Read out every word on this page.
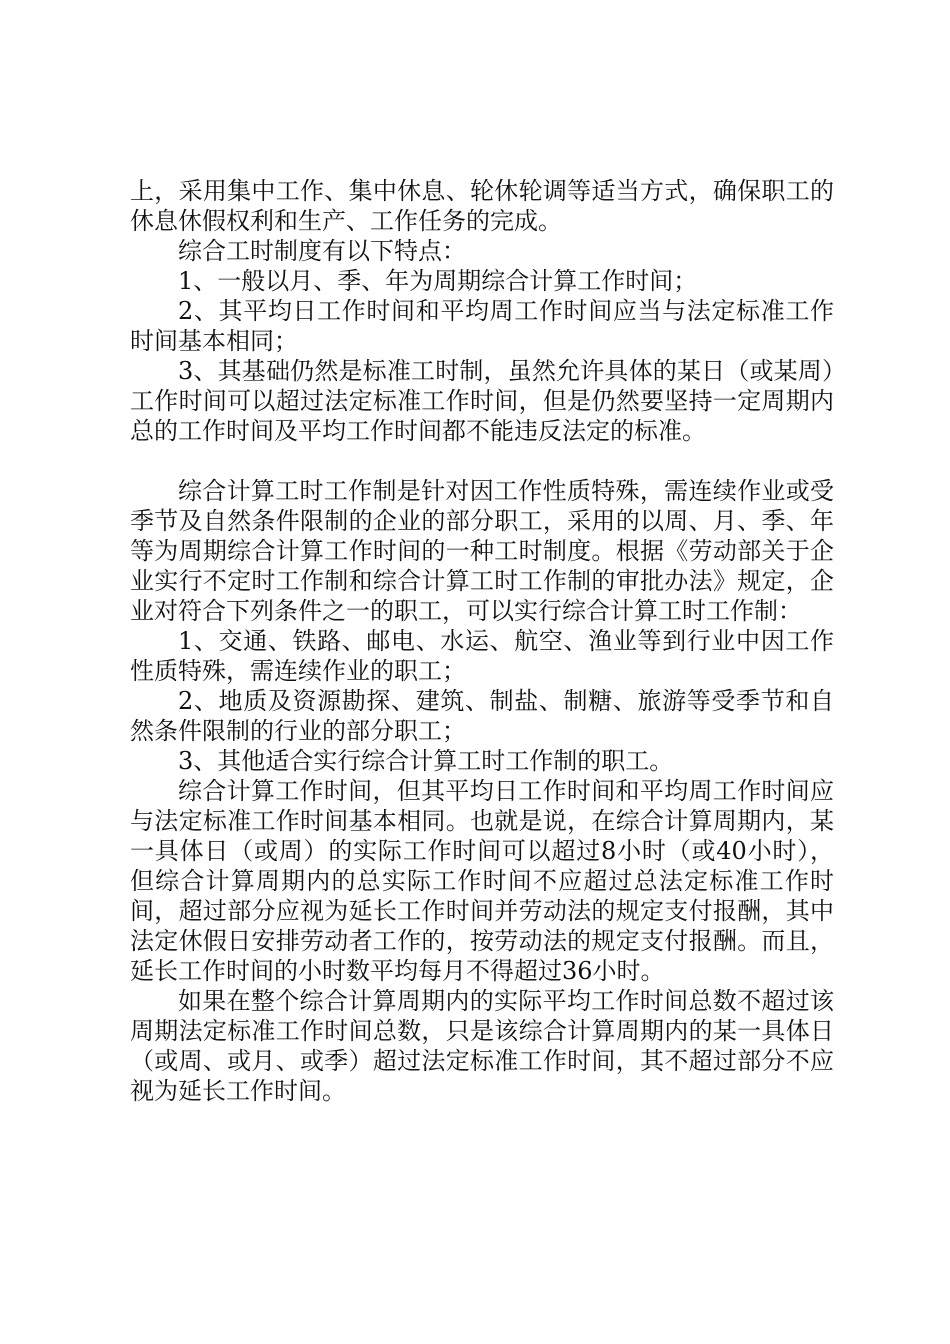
上，采用集中工作、集中休息、轮休轮调等适当方式，确保职工的休息休假权利和生产、工作任务的完成。

综合工时制度有以下特点：

1、一般以月、季、年为周期综合计算工作时间；

2、其平均日工作时间和平均周工作时间应当与法定标准工作时间基本相同；

3、其基础仍然是标准工时制，虽然允许具体的某日（或某周）工作时间可以超过法定标准工作时间，但是仍然要坚持一定周期内总的工作时间及平均工作时间都不能违反法定的标准。

综合计算工时工作制是针对因工作性质特殊，需连续作业或受季节及自然条件限制的企业的部分职工，采用的以周、月、季、年等为周期综合计算工作时间的一种工时制度。根据《劳动部关于企业实行不定时工作制和综合计算工时工作制的审批办法》规定，企业对符合下列条件之一的职工，可以实行综合计算工时工作制：

1、交通、铁路、邮电、水运、航空、渔业等到行业中因工作性质特殊，需连续作业的职工；

2、地质及资源勘探、建筑、制盐、制糖、旅游等受季节和自然条件限制的行业的部分职工；

3、其他适合实行综合计算工时工作制的职工。

综合计算工作时间，但其平均日工作时间和平均周工作时间应与法定标准工作时间基本相同。也就是说，在综合计算周期内，某一具体日（或周）的实际工作时间可以超过8小时（或40小时），但综合计算周期内的总实际工作时间不应超过总法定标准工作时间，超过部分应视为延长工作时间并劳动法的规定支付报酬，其中法定休假日安排劳动者工作的，按劳动法的规定支付报酬。而且，延长工作时间的小时数平均每月不得超过36小时。

如果在整个综合计算周期内的实际平均工作时间总数不超过该周期法定标准工作时间总数，只是该综合计算周期内的某一具体日（或周、或月、或季）超过法定标准工作时间，其不超过部分不应视为延长工作时间。
